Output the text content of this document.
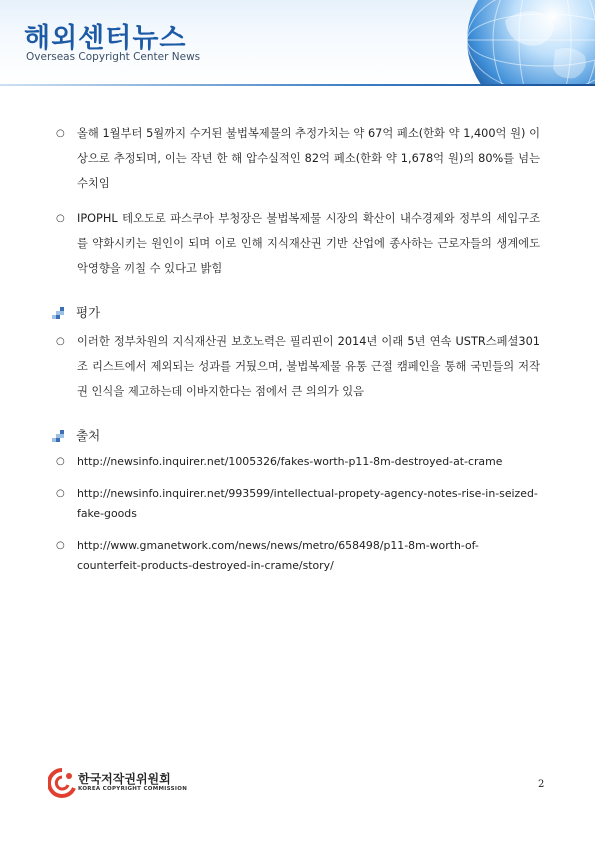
해외센터뉴스
Overseas Copyright Center News
○ 올해 1월부터 5월까지 수거된 불법복제물의 추정가치는 약 67억 페소(한화 약 1,400억 원) 이상으로 추정되며, 이는 작년 한 해 압수실적인 82억 페소(한화 약 1,678억 원)의 80%를 넘는 수치임
○ IPOPHL 테오도로 파스쿠아 부청장은 불법복제물 시장의 확산이 내수경제와 정부의 세입구조를 약화시키는 원인이 되며 이로 인해 지식재산권 기반 산업에 종사하는 근로자들의 생계에도 악영향을 끼칠 수 있다고 밝힘
평가
○ 이러한 정부차원의 지식재산권 보호노력은 필리핀이 2014년 이래 5년 연속 USTR스페셜301조 리스트에서 제외되는 성과를 거뒀으며, 불법복제물 유통 근절 캠페인을 통해 국민들의 저작권 인식을 제고하는데 이바지한다는 점에서 큰 의의가 있음
출처
○ http://newsinfo.inquirer.net/1005326/fakes-worth-p11-8m-destroyed-at-crame
○ http://newsinfo.inquirer.net/993599/intellectual-propety-agency-notes-rise-in-seized-fake-goods
○ http://www.gmanetwork.com/news/news/metro/658498/p11-8m-worth-of-counterfeit-products-destroyed-in-crame/story/
한국저작권위원회
KOREA COPYRIGHT COMMISSION	2
